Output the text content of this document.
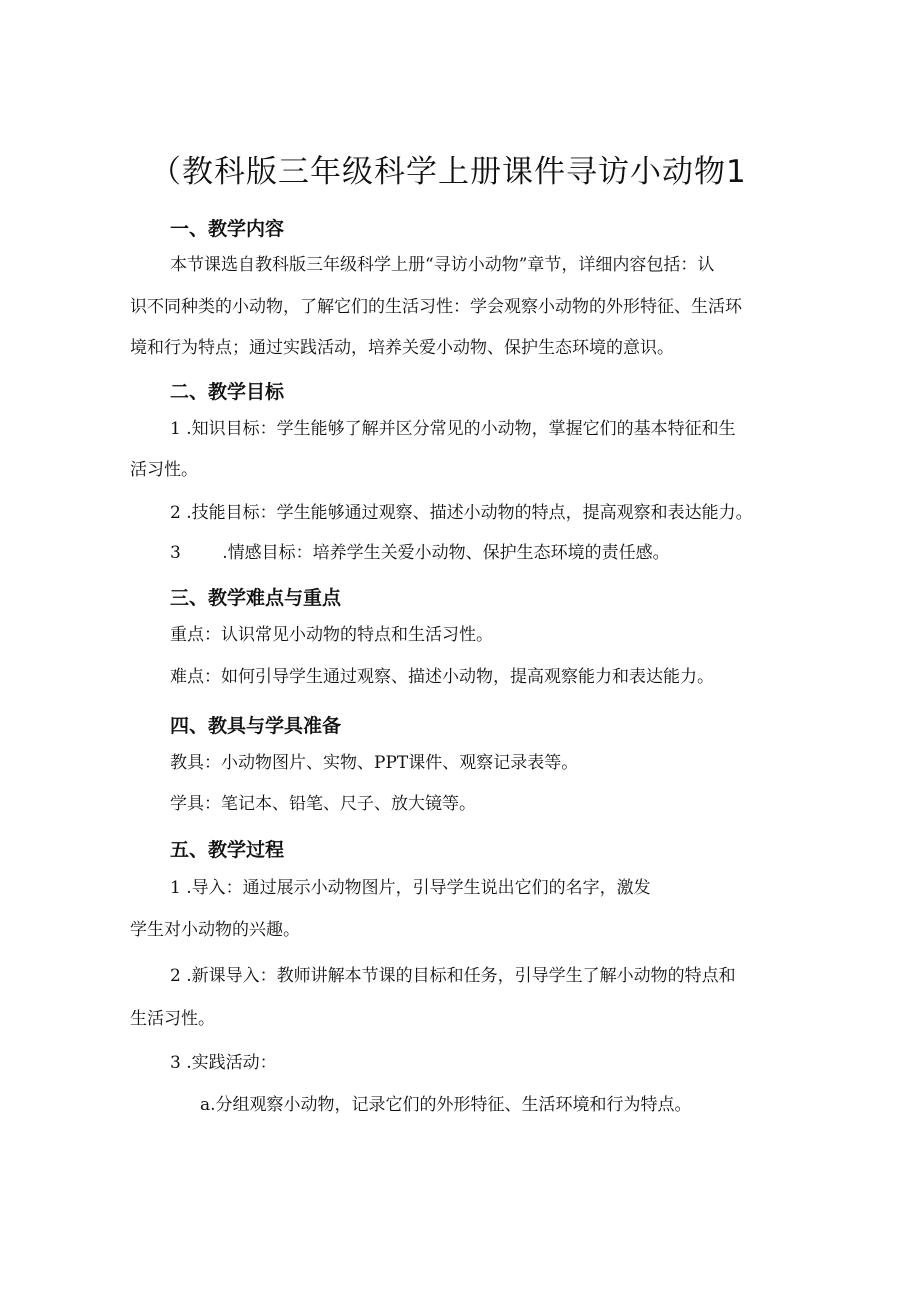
（教科版三年级科学上册课件寻访小动物1
一、教学内容
本节课选自教科版三年级科学上册“寻访小动物”章节，详细内容包括：认
识不同种类的小动物，了解它们的生活习性：学会观察小动物的外形特征、生活环
境和行为特点；通过实践活动，培养关爱小动物、保护生态环境的意识。
二、教学目标
1 .知识目标：学生能够了解并区分常见的小动物，掌握它们的基本特征和生
活习性。
2 .技能目标：学生能够通过观察、描述小动物的特点，提高观察和表达能力。
3 .情感目标：培养学生关爱小动物、保护生态环境的责任感。
三、教学难点与重点
重点：认识常见小动物的特点和生活习性。
难点：如何引导学生通过观察、描述小动物，提高观察能力和表达能力。
四、教具与学具准备
教具：小动物图片、实物、PPT课件、观察记录表等。
学具：笔记本、铅笔、尺子、放大镜等。
五、教学过程
1 .导入：通过展示小动物图片，引导学生说出它们的名字，激发
学生对小动物的兴趣。
2 .新课导入：教师讲解本节课的目标和任务，引导学生了解小动物的特点和
生活习性。
3 .实践活动：
a.分组观察小动物，记录它们的外形特征、生活环境和行为特点。
